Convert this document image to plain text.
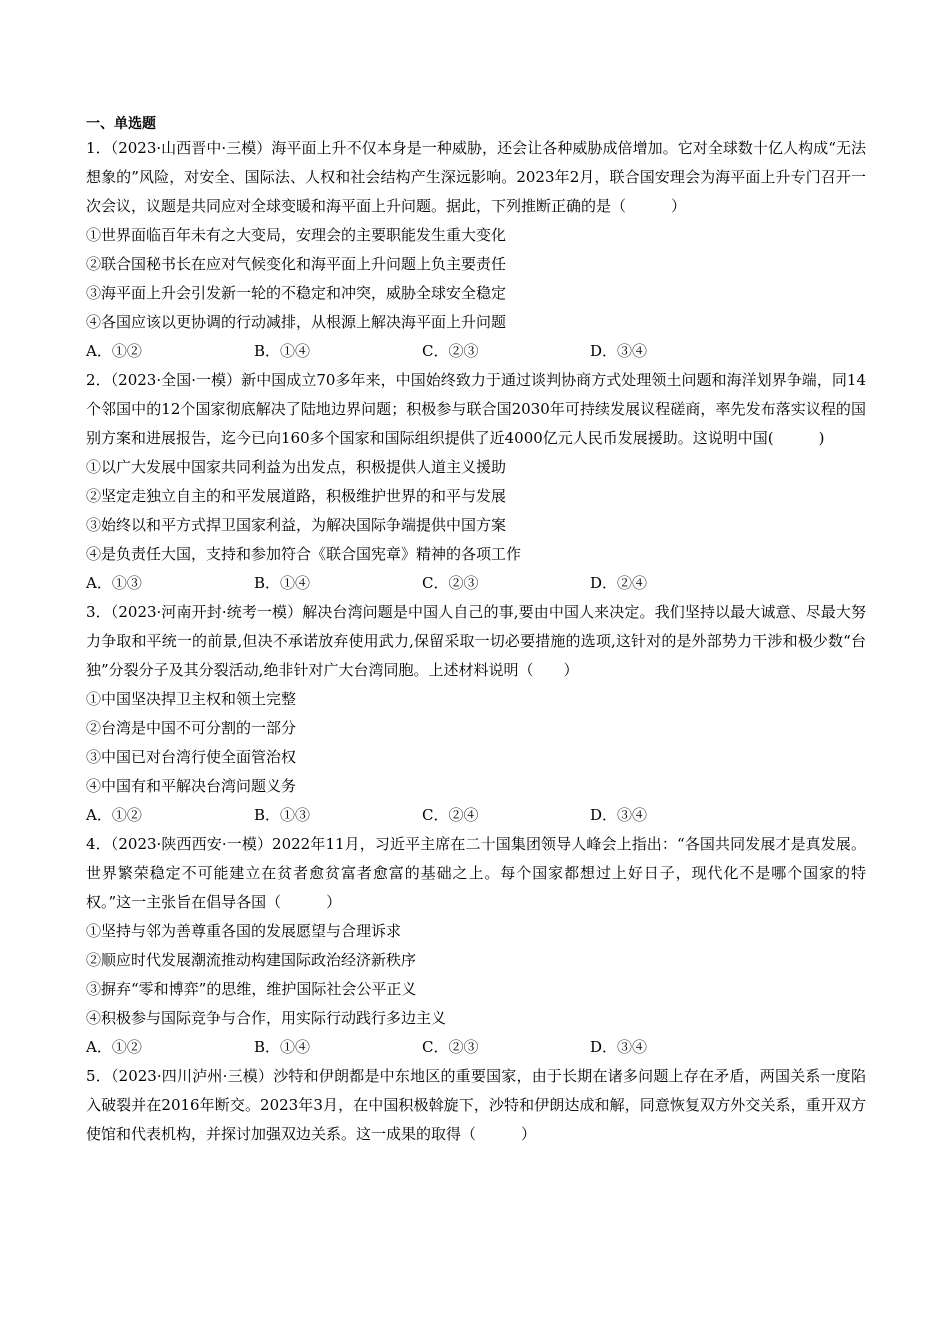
一、单选题

1．（2023·山西晋中·三模）海平面上升不仅本身是一种威胁，还会让各种威胁成倍增加。它对全球数十亿人构成“无法想象的”风险，对安全、国际法、人权和社会结构产生深远影响。2023年2月，联合国安理会为海平面上升专门召开一次会议，议题是共同应对全球变暖和海平面上升问题。据此，下列推断正确的是（　　　）

①世界面临百年未有之大变局，安理会的主要职能发生重大变化

②联合国秘书长在应对气候变化和海平面上升问题上负主要责任

③海平面上升会引发新一轮的不稳定和冲突，威胁全球安全稳定

④各国应该以更协调的行动减排，从根源上解决海平面上升问题

A．①②	B．①④	C．②③	D．③④

2．（2023·全国·一模）新中国成立70多年来，中国始终致力于通过谈判协商方式处理领土问题和海洋划界争端，同14个邻国中的12个国家彻底解决了陆地边界问题；积极参与联合国2030年可持续发展议程磋商，率先发布落实议程的国别方案和进展报告，迄今已向160多个国家和国际组织提供了近4000亿元人民币发展援助。这说明中国(　　　)

①以广大发展中国家共同利益为出发点，积极提供人道主义援助

②坚定走独立自主的和平发展道路，积极维护世界的和平与发展

③始终以和平方式捍卫国家利益，为解决国际争端提供中国方案

④是负责任大国，支持和参加符合《联合国宪章》精神的各项工作

A．①③	B．①④	C．②③	D．②④

3．（2023·河南开封·统考一模）解决台湾问题是中国人自己的事,要由中国人来决定。我们坚持以最大诚意、尽最大努力争取和平统一的前景,但决不承诺放弃使用武力,保留采取一切必要措施的选项,这针对的是外部势力干涉和极少数“台独”分裂分子及其分裂活动,绝非针对广大台湾同胞。上述材料说明（　　）

①中国坚决捍卫主权和领土完整

②台湾是中国不可分割的一部分

③中国已对台湾行使全面管治权

④中国有和平解决台湾问题义务

A．①②	B．①③	C．②④	D．③④

4．（2023·陕西西安·一模）2022年11月，习近平主席在二十国集团领导人峰会上指出：“各国共同发展才是真发展。世界繁荣稳定不可能建立在贫者愈贫富者愈富的基础之上。每个国家都想过上好日子，现代化不是哪个国家的特权。”这一主张旨在倡导各国（　　　）

①坚持与邻为善尊重各国的发展愿望与合理诉求

②顺应时代发展潮流推动构建国际政治经济新秩序

③摒弃“零和博弈”的思维，维护国际社会公平正义

④积极参与国际竞争与合作，用实际行动践行多边主义

A．①②	B．①④	C．②③	D．③④

5．（2023·四川泸州·三模）沙特和伊朗都是中东地区的重要国家，由于长期在诸多问题上存在矛盾，两国关系一度陷入破裂并在2016年断交。2023年3月，在中国积极斡旋下，沙特和伊朗达成和解，同意恢复双方外交关系，重开双方使馆和代表机构，并探讨加强双边关系。这一成果的取得（　　　）
